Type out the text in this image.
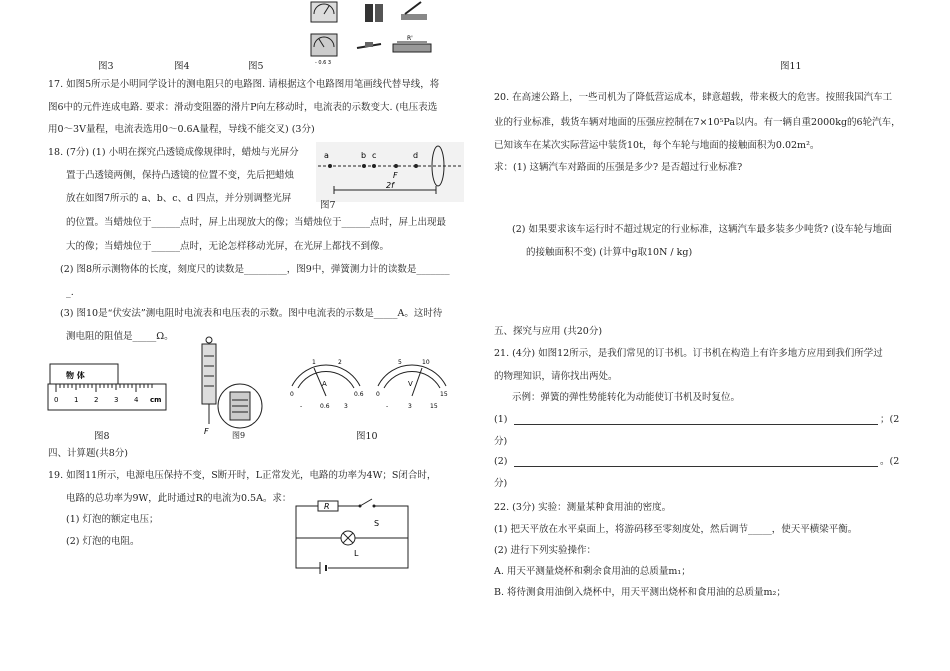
- 0.6 3
R'
图3	图4	图5
17. 如图5所示是小明同学设计的测电阻只的电路图. 请根据这个电路图用笔画线代替导线，将
图6中的元件连成电路. 要求：滑动变阻器的滑片P向左移动时，电流表的示数变大. (电压表选
用0～3V量程，电流表选用0～0.6A量程，导线不能交叉) (3分)
18. (7分) (1) 小明在探究凸透镜成像规律时，蜡烛与光屏分
置于凸透镜两侧，保持凸透镜的位置不变，先后把蜡烛
放在如图7所示的 a、b、c、d 四点，并分别调整光屏
的位置。当蜡烛位于______点时，屏上出现放大的像；当蜡烛位于______点时，屏上出现最
大的像；当蜡烛位于______点时，无论怎样移动光屏，在光屏上都找不到像。
(2) 图8所示测物体的长度，刻度尺的读数是_________，图9中，弹簧测力计的读数是_______
_.
(3) 图10是“伏安法”测电阻时电流表和电压表的示数。图中电流表的示数是_____A。这时待
测电阻的阻值是_____Ω。
a	b c
F
d
2f
图7
物 体
0 1 2 3 4 cm
图8	F	图9
1	2
A
0	0.6
-	0.6 3
5	10
V
0	15
-	3	15
图10
四、计算题(共8分)
19. 如图11所示，电源电压保持不变，S断开时，L正常发光，电路的功率为4W；S闭合时，
电路的总功率为9W，此时通过R的电流为0.5A。求：
(1) 灯泡的额定电压；
(2) 灯泡的电阻。
R
S
L
图11
20. 在高速公路上，一些司机为了降低营运成本，肆意超载，带来极大的危害。按照我国汽车工
业的行业标准，载货车辆对地面的压强应控制在7×10⁵Pa以内。有一辆自重2000kg的6轮汽车，
已知该车在某次实际营运中装货10t，每个车轮与地面的接触面积为0.02m²。
求：(1) 这辆汽车对路面的压强是多少? 是否超过行业标准?
(2) 如果要求该车运行时不超过规定的行业标准，这辆汽车最多装多少吨货? (设车轮与地面
的接触面积不变) (计算中g取10N / kg)
五、探究与应用 (共20分)
21. (4分) 如图12所示，是我们常见的订书机。订书机在构造上有许多地方应用到我们所学过
的物理知识，请你找出两处。
示例：弹簧的弹性势能转化为动能使订书机及时复位。
(1)	；(2
分)
(2)	。(2
分)
22. (3分) 实验：测量某种食用油的密度。
(1) 把天平放在水平桌面上，将游码移至零刻度处，然后调节_____，使天平横梁平衡。
(2) 进行下列实验操作：
A. 用天平测量烧杯和剩余食用油的总质量m₁；
B. 将待测食用油倒入烧杯中，用天平测出烧杯和食用油的总质量m₂；
